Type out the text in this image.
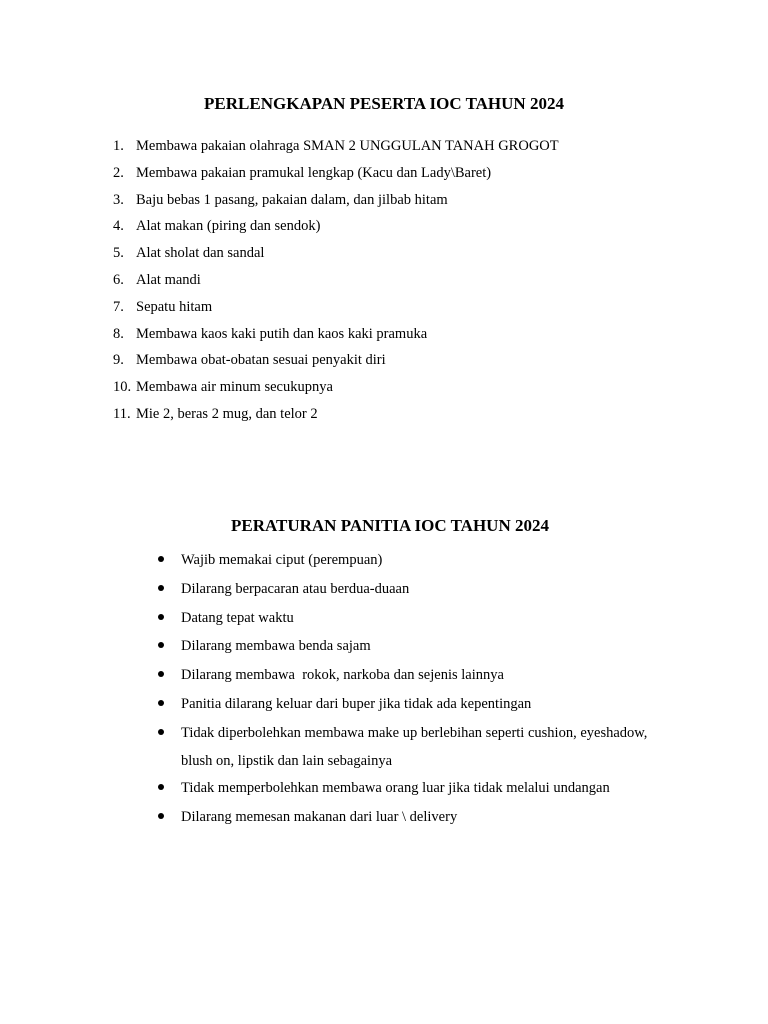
PERLENGKAPAN PESERTA IOC TAHUN 2024
1. Membawa pakaian olahraga SMAN 2 UNGGULAN TANAH GROGOT
2. Membawa pakaian pramukal lengkap (Kacu dan Lady\Baret)
3. Baju bebas 1 pasang, pakaian dalam, dan jilbab hitam
4. Alat makan (piring dan sendok)
5. Alat sholat dan sandal
6. Alat mandi
7. Sepatu hitam
8. Membawa kaos kaki putih dan kaos kaki pramuka
9. Membawa obat-obatan sesuai penyakit diri
10. Membawa air minum secukupnya
11. Mie 2, beras 2 mug, dan telor 2
PERATURAN PANITIA IOC TAHUN 2024
Wajib memakai ciput (perempuan)
Dilarang berpacaran atau berdua-duaan
Datang tepat waktu
Dilarang membawa benda sajam
Dilarang membawa  rokok, narkoba dan sejenis lainnya
Panitia dilarang keluar dari buper jika tidak ada kepentingan
Tidak diperbolehkan membawa make up berlebihan seperti cushion, eyeshadow, blush on, lipstik dan lain sebagainya
Tidak memperbolehkan membawa orang luar jika tidak melalui undangan
Dilarang memesan makanan dari luar \ delivery
